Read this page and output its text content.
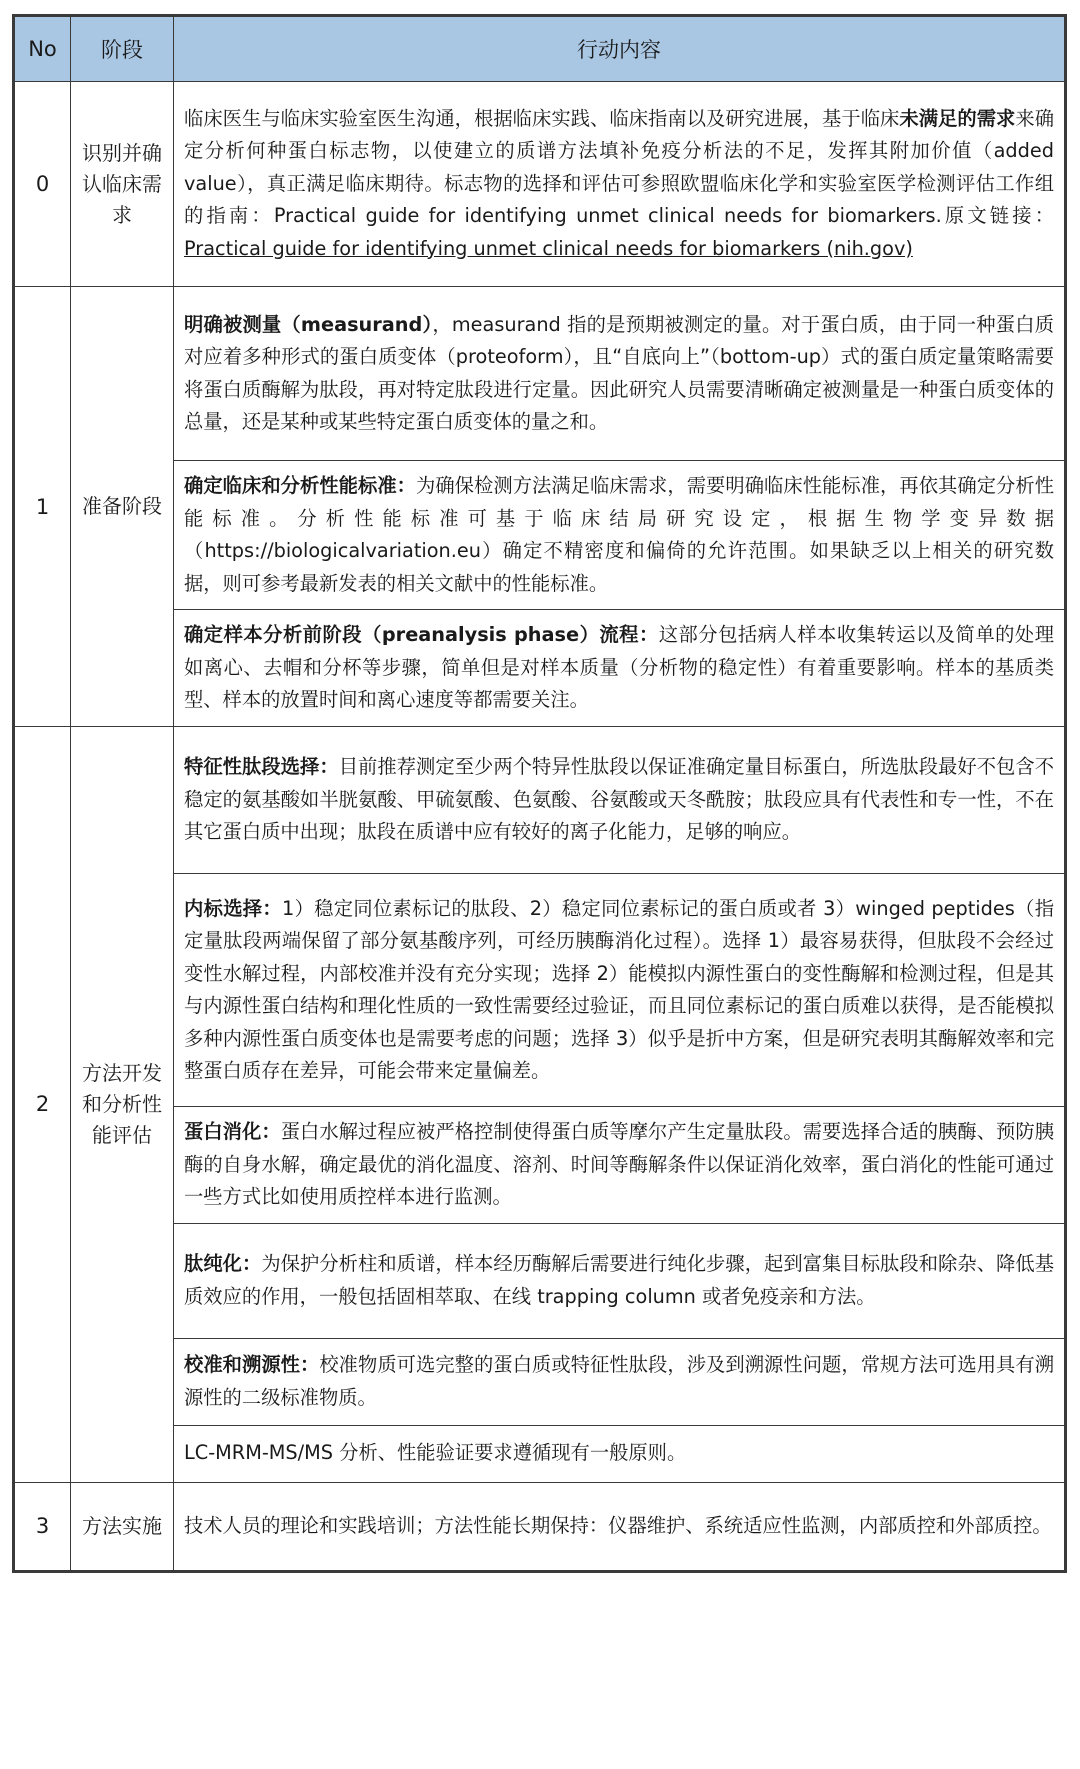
No	阶段	行动内容
0	识别并确认临床需求	临床医生与临床实验室医生沟通，根据临床实践、临床指南以及研究进展，基于临床未满足的需求来确定分析何种蛋白标志物，以使建立的质谱方法填补免疫分析法的不足，发挥其附加价值（added value），真正满足临床期待。标志物的选择和评估可参照欧盟临床化学和实验室医学检测评估工作组的指南：Practical guide for identifying unmet clinical needs for biomarkers.原文链接：Practical guide for identifying unmet clinical needs for biomarkers (nih.gov)

1	准备阶段	明确被测量（measurand），measurand 指的是预期被测定的量。对于蛋白质，由于同一种蛋白质对应着多种形式的蛋白质变体（proteoform），且“自底向上”（bottom-up）式的蛋白质定量策略需要将蛋白质酶解为肽段，再对特定肽段进行定量。因此研究人员需要清晰确定被测量是一种蛋白质变体的总量，还是某种或某些特定蛋白质变体的量之和。

		确定临床和分析性能标准：为确保检测方法满足临床需求，需要明确临床性能标准，再依其确定分析性能标准。分析性能标准可基于临床结局研究设定，根据生物学变异数据（https://biologicalvariation.eu）确定不精密度和偏倚的允许范围。如果缺乏以上相关的研究数据，则可参考最新发表的相关文献中的性能标准。

		确定样本分析前阶段（preanalysis phase）流程：这部分包括病人样本收集转运以及简单的处理如离心、去帽和分杯等步骤，简单但是对样本质量（分析物的稳定性）有着重要影响。样本的基质类型、样本的放置时间和离心速度等都需要关注。

2	方法开发和分析性能评估	特征性肽段选择：目前推荐测定至少两个特异性肽段以保证准确定量目标蛋白，所选肽段最好不包含不稳定的氨基酸如半胱氨酸、甲硫氨酸、色氨酸、谷氨酸或天冬酰胺；肽段应具有代表性和专一性，不在其它蛋白质中出现；肽段在质谱中应有较好的离子化能力，足够的响应。

		内标选择：1）稳定同位素标记的肽段、2）稳定同位素标记的蛋白质或者 3）winged peptides（指定量肽段两端保留了部分氨基酸序列，可经历胰酶消化过程）。选择 1）最容易获得，但肽段不会经过变性水解过程，内部校准并没有充分实现；选择 2）能模拟内源性蛋白的变性酶解和检测过程，但是其与内源性蛋白结构和理化性质的一致性需要经过验证，而且同位素标记的蛋白质难以获得，是否能模拟多种内源性蛋白质变体也是需要考虑的问题；选择 3）似乎是折中方案，但是研究表明其酶解效率和完整蛋白质存在差异，可能会带来定量偏差。

		蛋白消化：蛋白水解过程应被严格控制使得蛋白质等摩尔产生定量肽段。需要选择合适的胰酶、预防胰酶的自身水解，确定最优的消化温度、溶剂、时间等酶解条件以保证消化效率，蛋白消化的性能可通过一些方式比如使用质控样本进行监测。

		肽纯化：为保护分析柱和质谱，样本经历酶解后需要进行纯化步骤，起到富集目标肽段和除杂、降低基质效应的作用，一般包括固相萃取、在线 trapping column 或者免疫亲和方法。

		校准和溯源性：校准物质可选完整的蛋白质或特征性肽段，涉及到溯源性问题，常规方法可选用具有溯源性的二级标准物质。

		LC-MRM-MS/MS 分析、性能验证要求遵循现有一般原则。

3	方法实施	技术人员的理论和实践培训；方法性能长期保持：仪器维护、系统适应性监测，内部质控和外部质控。
